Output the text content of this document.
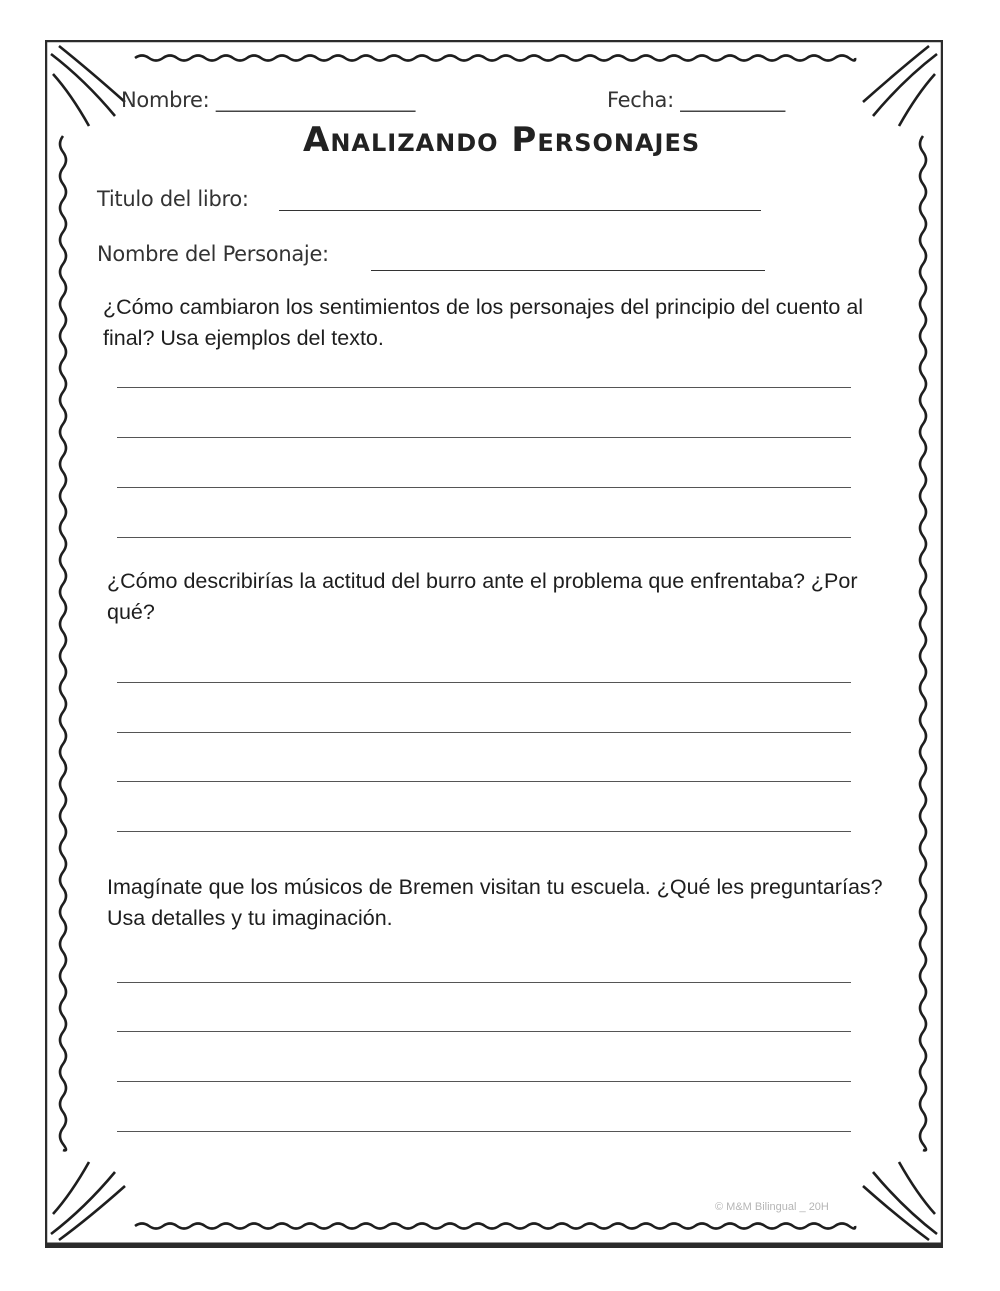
Nombre: ___________________	Fecha: __________
Analizando Personajes
Titulo del libro:
Nombre del Personaje:
¿Cómo cambiaron los sentimientos de los personajes del principio del cuento al final? Usa ejemplos del texto.
¿Cómo describirías la actitud del burro ante el problema que enfrentaba? ¿Por qué?
Imagínate que los músicos de Bremen visitan tu escuela. ¿Qué les preguntarías? Usa detalles y tu imaginación.
© M&M Bilingual _ 20H
